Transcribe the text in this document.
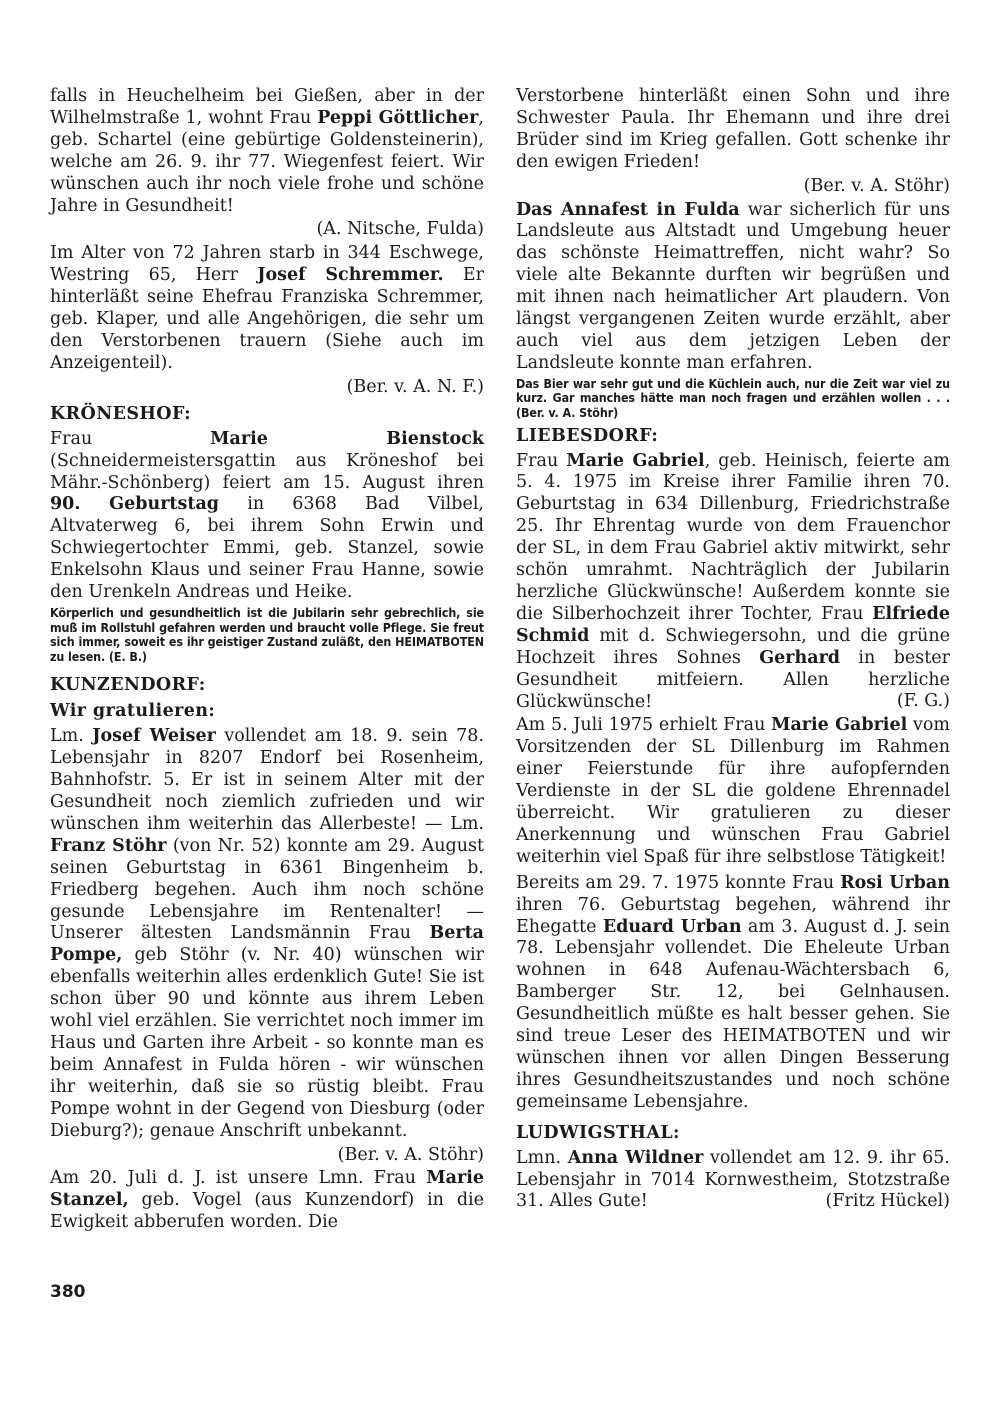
falls in Heuchelheim bei Gießen, aber in der Wilhelmstraße 1, wohnt Frau Peppi Göttlicher, geb. Schartel (eine gebürtige Goldensteinerin), welche am 26. 9. ihr 77. Wiegenfest feiert. Wir wünschen auch ihr noch viele frohe und schöne Jahre in Gesundheit!

(A. Nitsche, Fulda)

Im Alter von 72 Jahren starb in 344 Eschwege, Westring 65, Herr Josef Schremmer. Er hinterläßt seine Ehefrau Franziska Schremmer, geb. Klaper, und alle Angehörigen, die sehr um den Verstorbenen trauern (Siehe auch im Anzeigenteil).

(Ber. v. A. N. F.)

KRÖNESHOF:

Frau Marie Bienstock (Schneidermeistersgattin aus Kröneshof bei Mähr.-Schönberg) feiert am 15. August ihren 90. Geburtstag in 6368 Bad Vilbel, Altvaterweg 6, bei ihrem Sohn Erwin und Schwiegertochter Emmi, geb. Stanzel, sowie Enkelsohn Klaus und seiner Frau Hanne, sowie den Urenkeln Andreas und Heike.

Körperlich und gesundheitlich ist die Jubilarin sehr gebrechlich, sie muß im Rollstuhl gefahren werden und braucht volle Pflege. Sie freut sich immer, soweit es ihr geistiger Zustand zuläßt, den HEIMATBOTEN zu lesen. (E. B.)

KUNZENDORF:
Wir gratulieren:

Lm. Josef Weiser vollendet am 18. 9. sein 78. Lebensjahr in 8207 Endorf bei Rosenheim, Bahnhofstr. 5. Er ist in seinem Alter mit der Gesundheit noch ziemlich zufrieden und wir wünschen ihm weiterhin das Allerbeste! — Lm. Franz Stöhr (von Nr. 52) konnte am 29. August seinen Geburtstag in 6361 Bingenheim b. Friedberg begehen. Auch ihm noch schöne gesunde Lebensjahre im Rentenalter! — Unserer ältesten Landsmännin Frau Berta Pompe, geb Stöhr (v. Nr. 40) wünschen wir ebenfalls weiterhin alles erdenklich Gute! Sie ist schon über 90 und könnte aus ihrem Leben wohl viel erzählen. Sie verrichtet noch immer im Haus und Garten ihre Arbeit - so konnte man es beim Annafest in Fulda hören - wir wünschen ihr weiterhin, daß sie so rüstig bleibt. Frau Pompe wohnt in der Gegend von Diesburg (oder Dieburg?); genaue Anschrift unbekannt.

(Ber. v. A. Stöhr)

Am 20. Juli d. J. ist unsere Lmn. Frau Marie Stanzel, geb. Vogel (aus Kunzendorf) in die Ewigkeit abberufen worden. Die

Verstorbene hinterläßt einen Sohn und ihre Schwester Paula. Ihr Ehemann und ihre drei Brüder sind im Krieg gefallen. Gott schenke ihr den ewigen Frieden!

(Ber. v. A. Stöhr)

Das Annafest in Fulda war sicherlich für uns Landsleute aus Altstadt und Umgebung heuer das schönste Heimattreffen, nicht wahr? So viele alte Bekannte durften wir begrüßen und mit ihnen nach heimatlicher Art plaudern. Von längst vergangenen Zeiten wurde erzählt, aber auch viel aus dem jetzigen Leben der Landsleute konnte man erfahren.

Das Bier war sehr gut und die Küchlein auch, nur die Zeit war viel zu kurz. Gar manches hätte man noch fragen und erzählen wollen . . . (Ber. v. A. Stöhr)

LIEBESDORF:

Frau Marie Gabriel, geb. Heinisch, feierte am 5. 4. 1975 im Kreise ihrer Familie ihren 70. Geburtstag in 634 Dillenburg, Friedrichstraße 25. Ihr Ehrentag wurde von dem Frauenchor der SL, in dem Frau Gabriel aktiv mitwirkt, sehr schön umrahmt. Nachträglich der Jubilarin herzliche Glückwünsche! Außerdem konnte sie die Silberhochzeit ihrer Tochter, Frau Elfriede Schmid mit d. Schwiegersohn, und die grüne Hochzeit ihres Sohnes Gerhard in bester Gesundheit mitfeiern. Allen herzliche Glückwünsche!	(F. G.)

Am 5. Juli 1975 erhielt Frau Marie Gabriel vom Vorsitzenden der SL Dillenburg im Rahmen einer Feierstunde für ihre aufopfernden Verdienste in der SL die goldene Ehrennadel überreicht. Wir gratulieren zu dieser Anerkennung und wünschen Frau Gabriel weiterhin viel Spaß für ihre selbstlose Tätigkeit!

Bereits am 29. 7. 1975 konnte Frau Rosi Urban ihren 76. Geburtstag begehen, während ihr Ehegatte Eduard Urban am 3. August d. J. sein 78. Lebensjahr vollendet. Die Eheleute Urban wohnen in 648 Aufenau-Wächtersbach 6, Bamberger Str. 12, bei Gelnhausen. Gesundheitlich müßte es halt besser gehen. Sie sind treue Leser des HEIMATBOTEN und wir wünschen ihnen vor allen Dingen Besserung ihres Gesundheitszustandes und noch schöne gemeinsame Lebensjahre.

LUDWIGSTHAL:

Lmn. Anna Wildner vollendet am 12. 9. ihr 65. Lebensjahr in 7014 Kornwestheim, Stotzstraße 31. Alles Gute!	(Fritz Hückel)

380
